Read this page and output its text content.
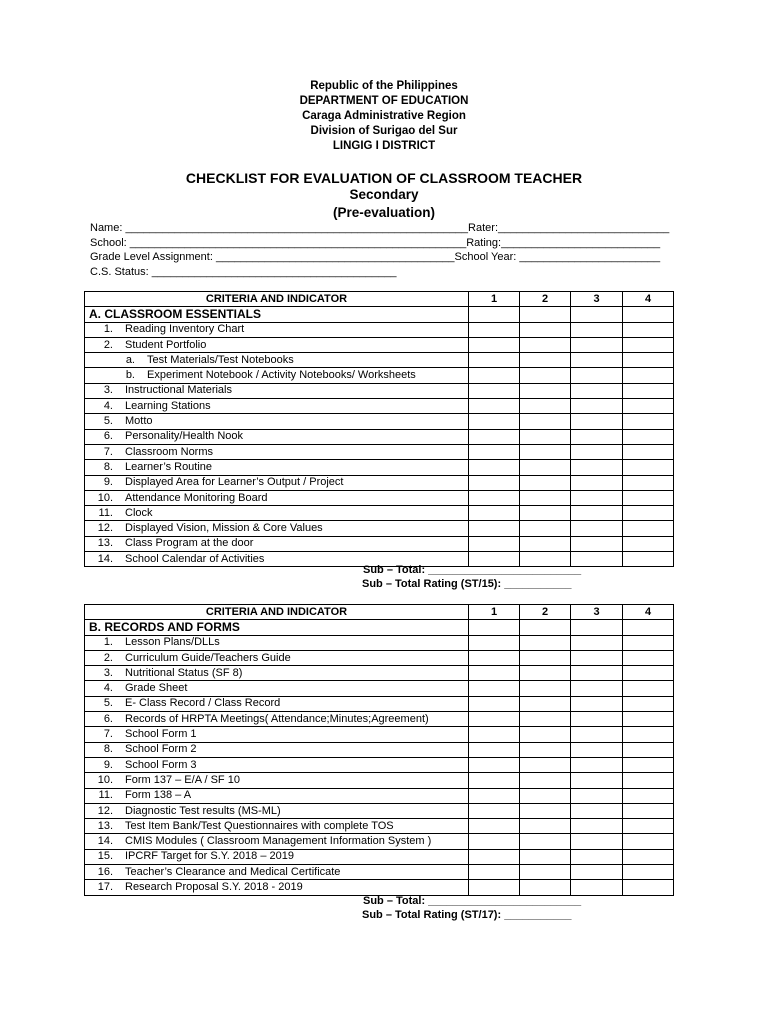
Republic of the Philippines
DEPARTMENT OF EDUCATION
Caraga Administrative Region
Division of Surigao del Sur
LINGIG I DISTRICT
CHECKLIST FOR EVALUATION OF CLASSROOM TEACHER
Secondary
(Pre-evaluation)
Name: ________________________________________________________Rater:____________________________
School: _______________________________________________________Rating:__________________________
Grade Level Assignment: _______________________________________School Year: _______________________
C.S. Status: ________________________________________
CRITERIA AND INDICATOR	1	2	3	4
A. CLASSROOM ESSENTIALS				
1. Reading Inventory Chart				
2. Student Portfolio				
a. Test Materials/Test Notebooks				
b. Experiment Notebook / Activity Notebooks/ Worksheets				
3. Instructional Materials				
4. Learning Stations				
5. Motto				
6. Personality/Health Nook				
7. Classroom Norms				
8. Learner’s Routine				
9. Displayed Area for Learner’s Output / Project				
10. Attendance Monitoring Board				
11. Clock				
12. Displayed Vision, Mission & Core Values				
13. Class Program at the door				
14. School Calendar of Activities				
Sub – Total: _________________________
Sub – Total Rating (ST/15): ___________
CRITERIA AND INDICATOR	1	2	3	4
B. RECORDS AND FORMS				
1. Lesson Plans/DLLs				
2. Curriculum Guide/Teachers Guide				
3. Nutritional Status (SF 8)				
4. Grade Sheet				
5. E- Class Record / Class Record				
6. Records of HRPTA Meetings( Attendance;Minutes;Agreement)				
7. School Form 1				
8. School Form 2				
9. School Form 3				
10. Form 137 – E/A / SF 10				
11. Form 138 – A				
12. Diagnostic Test results (MS-ML)				
13. Test Item Bank/Test Questionnaires with complete TOS				
14. CMIS Modules ( Classroom Management Information System )				
15. IPCRF Target for S.Y. 2018 – 2019				
16. Teacher’s Clearance and Medical Certificate				
17. Research Proposal S.Y. 2018 - 2019				
Sub – Total: _________________________
Sub – Total Rating (ST/17): ___________
